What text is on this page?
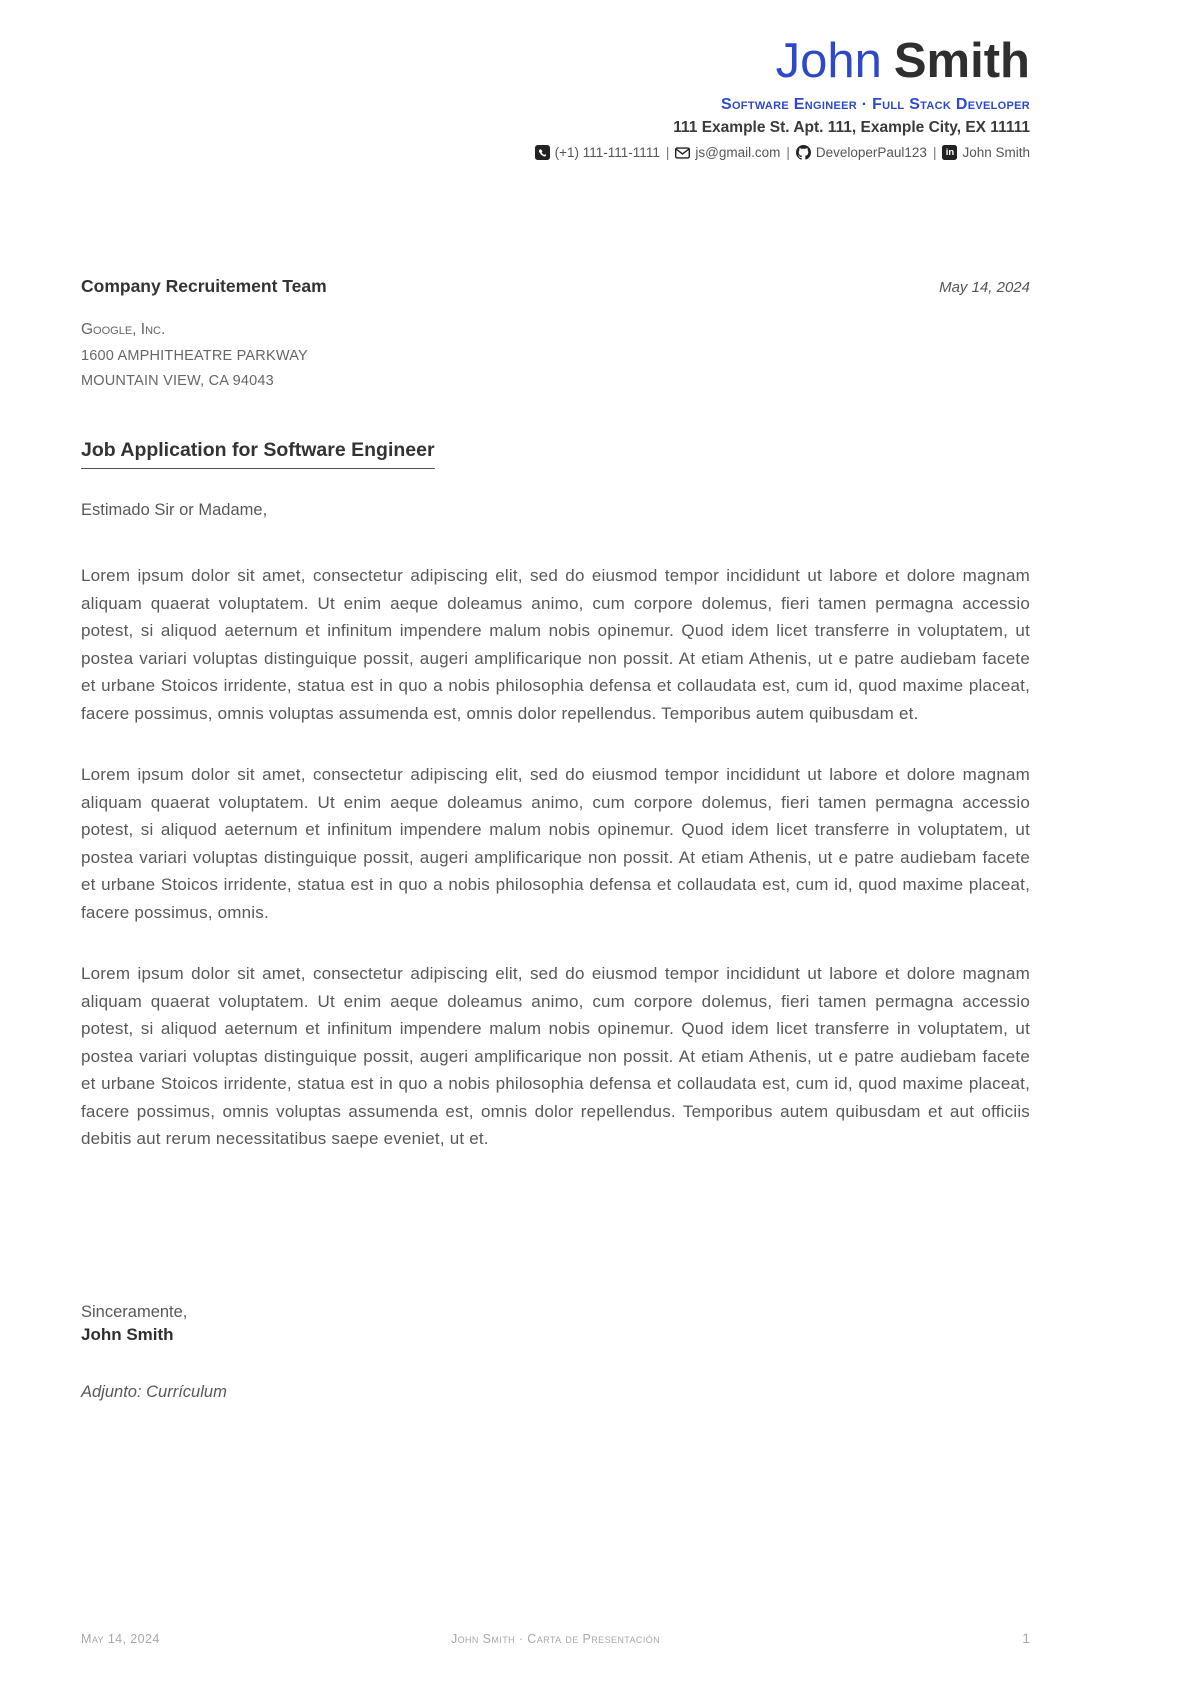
John Smith
Software Engineer · Full Stack Developer
111 Example St. Apt. 111, Example City, EX 11111
(+1) 111-111-1111 | js@gmail.com | DeveloperPaul123 | in John Smith
Company Recruitement Team	May 14, 2024
Google, Inc.
1600 AMPHITHEATRE PARKWAY
MOUNTAIN VIEW, CA 94043
Job Application for Software Engineer
Estimado Sir or Madame,

Lorem ipsum dolor sit amet, consectetur adipiscing elit, sed do eiusmod tempor incididunt ut labore et dolore magnam aliquam quaerat voluptatem. Ut enim aeque doleamus animo, cum corpore dolemus, fieri tamen permagna accessio potest, si aliquod aeternum et infinitum impendere malum nobis opinemur. Quod idem licet transferre in voluptatem, ut postea variari voluptas distinguique possit, augeri amplificarique non possit. At etiam Athenis, ut e patre audiebam facete et urbane Stoicos irridente, statua est in quo a nobis philosophia defensa et collaudata est, cum id, quod maxime placeat, facere possimus, omnis voluptas assumenda est, omnis dolor repellendus. Temporibus autem quibusdam et.

Lorem ipsum dolor sit amet, consectetur adipiscing elit, sed do eiusmod tempor incididunt ut labore et dolore magnam aliquam quaerat voluptatem. Ut enim aeque doleamus animo, cum corpore dolemus, fieri tamen permagna accessio potest, si aliquod aeternum et infinitum impendere malum nobis opinemur. Quod idem licet transferre in voluptatem, ut postea variari voluptas distinguique possit, augeri amplificarique non possit. At etiam Athenis, ut e patre audiebam facete et urbane Stoicos irridente, statua est in quo a nobis philosophia defensa et collaudata est, cum id, quod maxime placeat, facere possimus, omnis.

Lorem ipsum dolor sit amet, consectetur adipiscing elit, sed do eiusmod tempor incididunt ut labore et dolore magnam aliquam quaerat voluptatem. Ut enim aeque doleamus animo, cum corpore dolemus, fieri tamen permagna accessio potest, si aliquod aeternum et infinitum impendere malum nobis opinemur. Quod idem licet transferre in voluptatem, ut postea variari voluptas distinguique possit, augeri amplificarique non possit. At etiam Athenis, ut e patre audiebam facete et urbane Stoicos irridente, statua est in quo a nobis philosophia defensa et collaudata est, cum id, quod maxime placeat, facere possimus, omnis voluptas assumenda est, omnis dolor repellendus. Temporibus autem quibusdam et aut officiis debitis aut rerum necessitatibus saepe eveniet, ut et.

Sinceramente,
John Smith
Adjunto: Currículum
May 14, 2024	John Smith · Carta de Presentación	1
